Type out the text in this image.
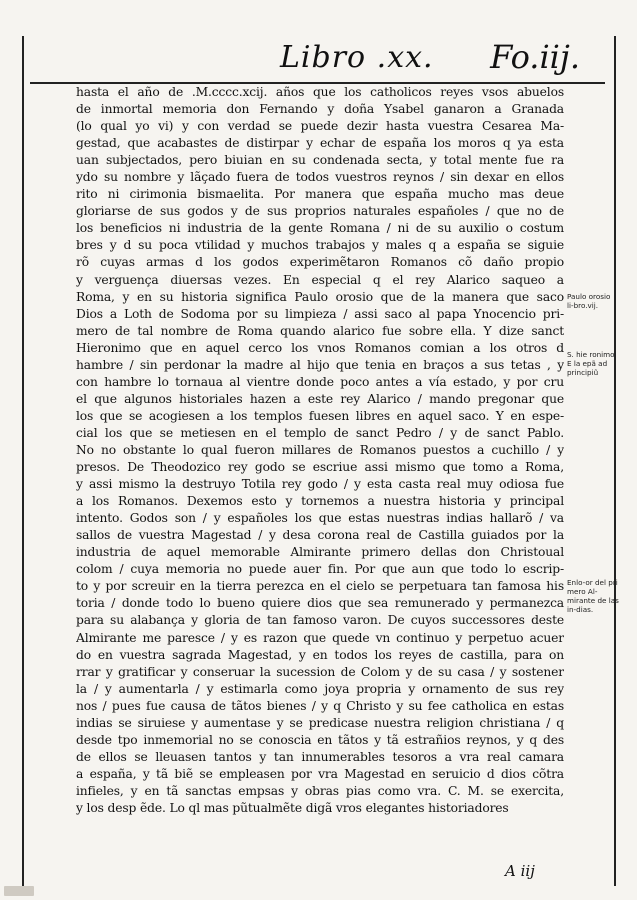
Libro .xx. Fo.iij.
hasta el año de .M.cccc.xcij. años que los catholicos reyes vsos abuelos
de inmortal memoria don Fernando y doña Ysabel ganaron a Granada
(lo qual yo vi) y con verdad se puede dezir hasta vuestra Cesarea Ma-
gestad, que acabastes de distirpar y echar de españa los moros q ya esta
uan subjectados, pero biuian en su condenada secta, y total mente fue ra
ydo su nombre y lãçado fuera de todos vuestros reynos / sin dexar en ellos
rito ni cirimonia bismaelita. Por manera que españa mucho mas deue
gloriarse de sus godos y de sus proprios naturales españoles / que no de
los beneficios ni industria de la gente Romana / ni de su auxilio o costum
bres y d su poca vtilidad y muchos trabajos y males q a españa se siguie
rõ cuyas armas d los godos experimẽtaron Romanos cõ daño propio
y verguença diuersas vezes. En especial q el rey Alarico saqueo a
Roma, y en su historia significa Paulo orosio que de la manera que saco
Dios a Loth de Sodoma por su limpieza / assi saco al papa Ynocencio pri-
mero de tal nombre de Roma quando alarico fue sobre ella. Y dize sanct
Hieronimo que en aquel cerco los vnos Romanos comian a los otros d
hambre / sin perdonar la madre al hijo que tenia en braços a sus tetas , y
con hambre lo tornaua al vientre donde poco antes a vía estado, y por cru
el que algunos historiales hazen a este rey Alarico / mando pregonar que
los que se acogiesen a los templos fuesen libres en aquel saco. Y en espe-
cial los que se metiesen en el templo de sanct Pedro / y de sanct Pablo.
No no obstante lo qual fueron millares de Romanos puestos a cuchillo / y
presos. De Theodozico rey godo se escriue assi mismo que tomo a Roma,
y assi mismo la destruyo Totila rey godo / y esta casta real muy odiosa fue
a los Romanos. Dexemos esto y tornemos a nuestra historia y principal
intento. Godos son / y españoles los que estas nuestras indias hallarõ / va
sallos de vuestra Magestad / y desa corona real de Castilla guiados por la
industria de aquel memorable Almirante primero dellas don Christoual
colom / cuya memoria no puede auer fin. Por que aun que todo lo escrip-
to y por screuir en la tierra perezca en el cielo se perpetuara tan famosa his
toria / donde todo lo bueno quiere dios que sea remunerado y permanezca
para su alabança y gloria de tan famoso varon. De cuyos successores deste
Almirante me paresce / y es razon que quede vn continuo y perpetuo acuer
do en vuestra sagrada Magestad, y en todos los reyes de castilla, para on
rrar y gratificar y conseruar la sucession de Colom y de su casa / y sostener
la / y aumentarla / y estimarla como joya propria y ornamento de sus rey
nos / pues fue causa de tãtos bienes / y q Christo y su fee catholica en estas
indias se siruiese y aumentase y se predicase nuestra religion christiana / q
desde tpo inmemorial no se conoscia en tãtos y tã estrañios reynos, y q des
de ellos se lleuasen tantos y tan innumerables tesoros a vra real camara
a españa, y tã biẽ se empleasen por vra Magestad en seruicio d dios cõtra
infieles, y en tã sanctas empsas y obras pias como vra. C. M. se exercita,
y los desp ẽde. Lo ql mas pũtualmẽte digã vros elegantes historiadores
Paulo orosio li-bro.vij.
S. hie ronimo E la epã ad principiũ
Enlo-or del pri mero Al-mirante de las in-dias.
A iij
